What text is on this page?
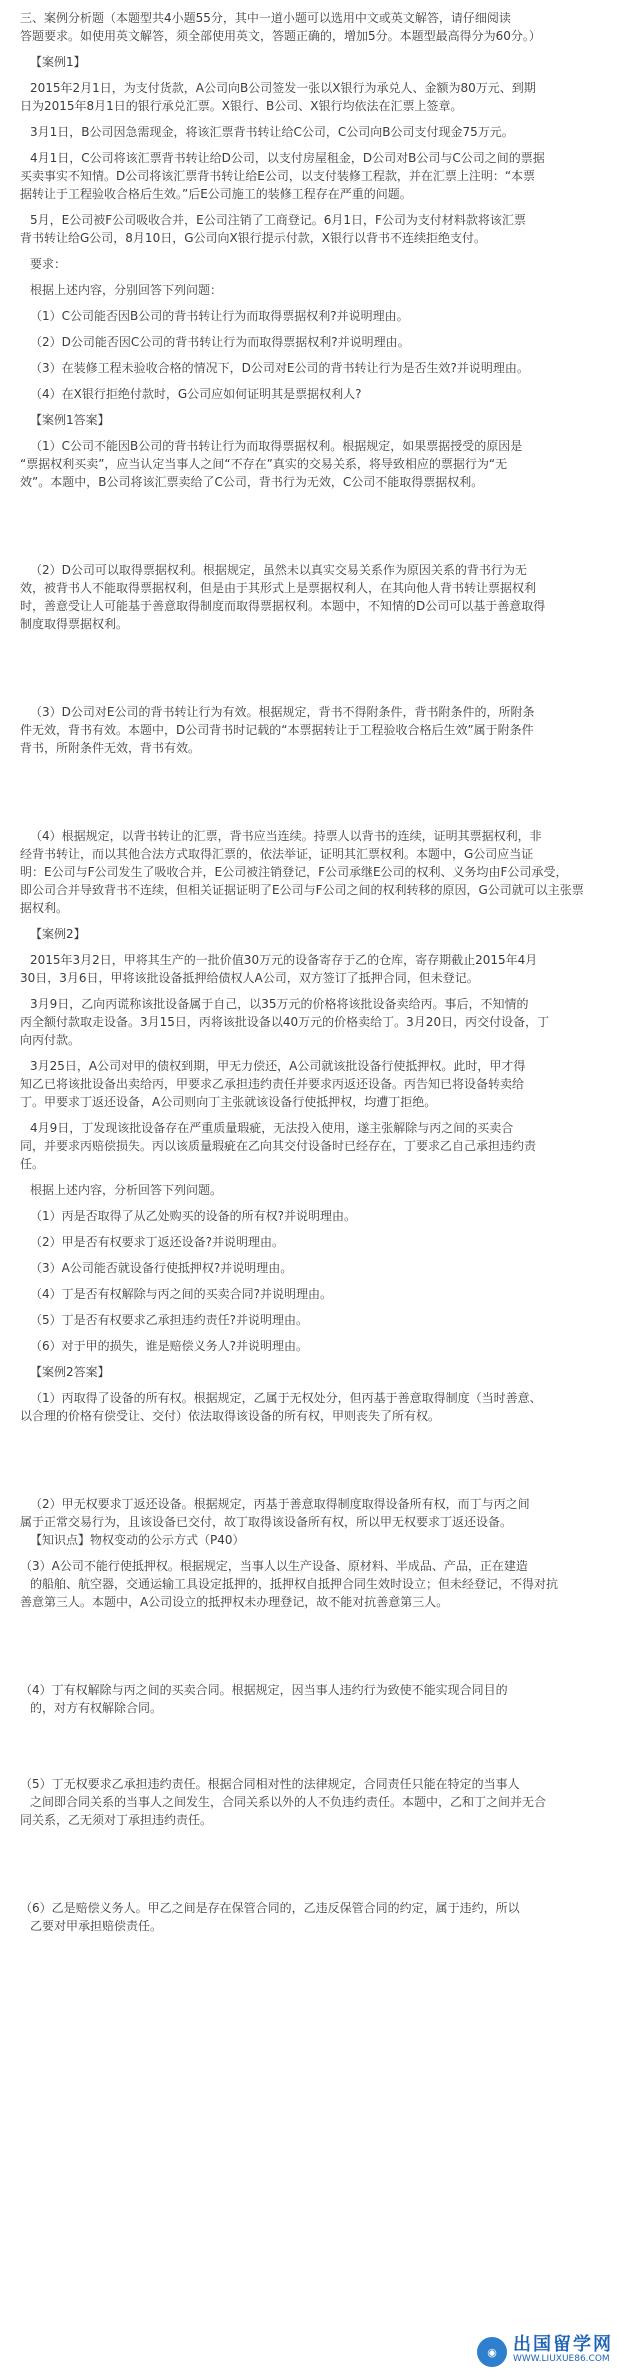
三、案例分析题（本题型共4小题55分，其中一道小题可以选用中文或英文解答，请仔细阅读
答题要求。如使用英文解答，须全部使用英文，答题正确的，增加5分。本题型最高得分为60分。）
【案例1】
2015年2月1日，为支付货款，A公司向B公司签发一张以X银行为承兑人、金额为80万元、到期
日为2015年8月1日的银行承兑汇票。X银行、B公司、X银行均依法在汇票上签章。
3月1日，B公司因急需现金，将该汇票背书转让给C公司，C公司向B公司支付现金75万元。
4月1日，C公司将该汇票背书转让给D公司，以支付房屋租金，D公司对B公司与C公司之间的票据
买卖事实不知情。D公司将该汇票背书转让给E公司，以支付装修工程款，并在汇票上注明：“本票
据转让于工程验收合格后生效。”后E公司施工的装修工程存在严重的问题。
5月，E公司被F公司吸收合并，E公司注销了工商登记。6月1日，F公司为支付材料款将该汇票
背书转让给G公司，8月10日，G公司向X银行提示付款，X银行以背书不连续拒绝支付。
要求：
根据上述内容，分别回答下列问题：
（1）C公司能否因B公司的背书转让行为而取得票据权利?并说明理由。
（2）D公司能否因C公司的背书转让行为而取得票据权利?并说明理由。
（3）在装修工程未验收合格的情况下，D公司对E公司的背书转让行为是否生效?并说明理由。
（4）在X银行拒绝付款时，G公司应如何证明其是票据权利人?
【案例1答案】
（1）C公司不能因B公司的背书转让行为而取得票据权利。根据规定，如果票据授受的原因是
“票据权利买卖”，应当认定当事人之间“不存在”真实的交易关系，将导致相应的票据行为“无
效”。本题中，B公司将该汇票卖给了C公司，背书行为无效，C公司不能取得票据权利。
（2）D公司可以取得票据权利。根据规定，虽然未以真实交易关系作为原因关系的背书行为无
效，被背书人不能取得票据权利，但是由于其形式上是票据权利人，在其向他人背书转让票据权利
时，善意受让人可能基于善意取得制度而取得票据权利。本题中，不知情的D公司可以基于善意取得
制度取得票据权利。
（3）D公司对E公司的背书转让行为有效。根据规定，背书不得附条件，背书附条件的，所附条
件无效，背书有效。本题中，D公司背书时记载的“本票据转让于工程验收合格后生效”属于附条件
背书，所附条件无效，背书有效。
（4）根据规定，以背书转让的汇票，背书应当连续。持票人以背书的连续，证明其票据权利，非
经背书转让，而以其他合法方式取得汇票的，依法举证，证明其汇票权利。本题中，G公司应当证
明：E公司与F公司发生了吸收合并，E公司被注销登记，F公司承继E公司的权利、义务均由F公司承受，
即公司合并导致背书不连续，但相关证据证明了E公司与F公司之间的权利转移的原因，G公司就可以主张票
据权利。
【案例2】
2015年3月2日，甲将其生产的一批价值30万元的设备寄存于乙的仓库，寄存期截止2015年4月
30日，3月6日，甲将该批设备抵押给债权人A公司，双方签订了抵押合同，但未登记。
3月9日，乙向丙谎称该批设备属于自己，以35万元的价格将该批设备卖给丙。事后，不知情的
丙全额付款取走设备。3月15日，丙将该批设备以40万元的价格卖给丁。3月20日，丙交付设备，丁
向丙付款。
3月25日，A公司对甲的债权到期，甲无力偿还，A公司就该批设备行使抵押权。此时，甲才得
知乙已将该批设备出卖给丙，甲要求乙承担违约责任并要求丙返还设备。丙告知已将设备转卖给
丁。甲要求丁返还设备，A公司则向丁主张就该设备行使抵押权，均遭丁拒绝。
4月9日，丁发现该批设备存在严重质量瑕疵，无法投入使用，遂主张解除与丙之间的买卖合
同，并要求丙赔偿损失。丙以该质量瑕疵在乙向其交付设备时已经存在，丁要求乙自己承担违约责
任。
根据上述内容，分析回答下列问题。
（1）丙是否取得了从乙处购买的设备的所有权?并说明理由。
（2）甲是否有权要求丁返还设备?并说明理由。
（3）A公司能否就设备行使抵押权?并说明理由。
（4）丁是否有权解除与丙之间的买卖合同?并说明理由。
（5）丁是否有权要求乙承担违约责任?并说明理由。
（6）对于甲的损失，谁是赔偿义务人?并说明理由。
【案例2答案】
（1）丙取得了设备的所有权。根据规定，乙属于无权处分，但丙基于善意取得制度（当时善意、
以合理的价格有偿受让、交付）依法取得该设备的所有权，甲则丧失了所有权。
（2）甲无权要求丁返还设备。根据规定，丙基于善意取得制度取得设备所有权，而丁与丙之间
属于正常交易行为，且该设备已交付，故丁取得该设备所有权，所以甲无权要求丁返还设备。
【知识点】物权变动的公示方式（P40）
（3）A公司不能行使抵押权。根据规定，当事人以生产设备、原材料、半成品、产品，正在建造
的船舶、航空器，交通运输工具设定抵押的，抵押权自抵押合同生效时设立；但未经登记，不得对抗
善意第三人。本题中，A公司设立的抵押权未办理登记，故不能对抗善意第三人。
（4）丁有权解除与丙之间的买卖合同。根据规定，因当事人违约行为致使不能实现合同目的
的，对方有权解除合同。
（5）丁无权要求乙承担违约责任。根据合同相对性的法律规定，合同责任只能在特定的当事人
之间即合同关系的当事人之间发生，合同关系以外的人不负违约责任。本题中，乙和丁之间并无合
同关系，乙无须对丁承担违约责任。
（6）乙是赔偿义务人。甲乙之间是存在保管合同的，乙违反保管合同的约定，属于违约，所以
乙要对甲承担赔偿责任。
◉ 出国留学网
WWW.LIUXUE86.COM
